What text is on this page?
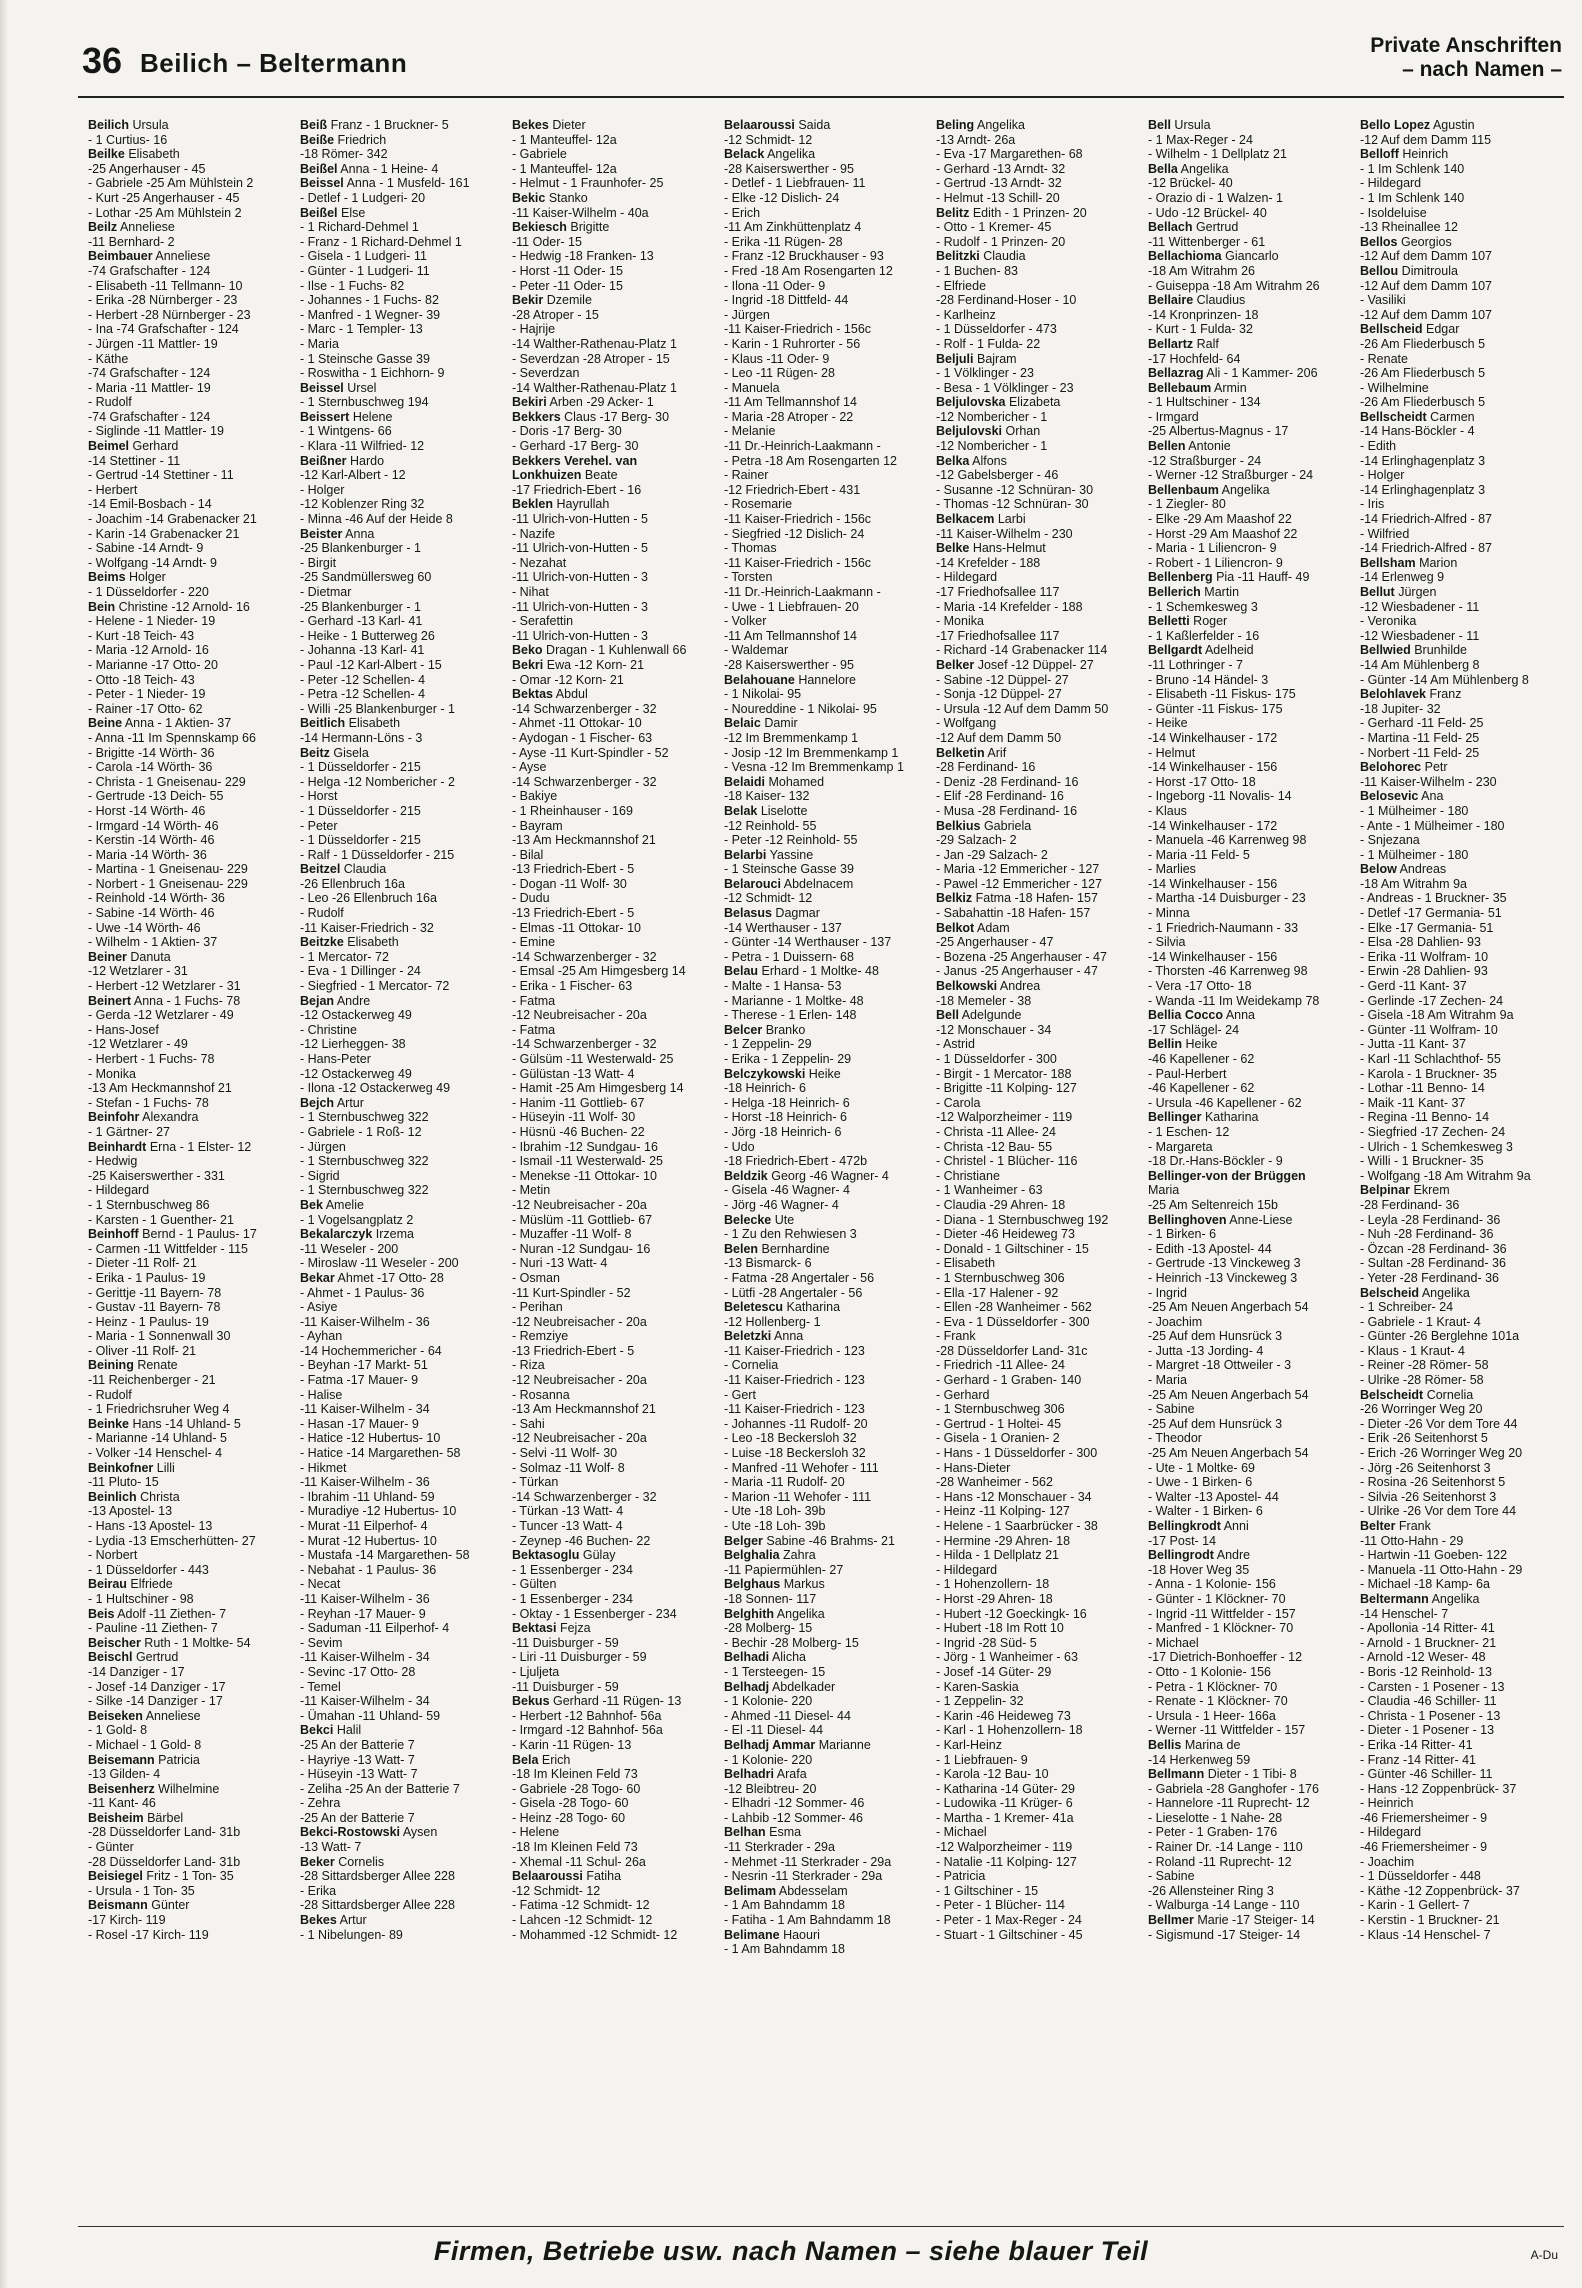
36 Beilich – Beltermann
Private Anschriften
– nach Namen –
Beilich Ursula
- 1 Curtius- 16
Beilke Elisabeth
-25 Angerhauser - 45
- Gabriele -25 Am Mühlstein 2
- Kurt -25 Angerhauser - 45
- Lothar -25 Am Mühlstein 2
Beilz Anneliese
-11 Bernhard- 2
Beimbauer Anneliese
-74 Grafschafter - 124
- Elisabeth -11 Tellmann- 10
- Erika -28 Nürnberger - 23
- Herbert -28 Nürnberger - 23
- Ina -74 Grafschafter - 124
- Jürgen -11 Mattler- 19
- Käthe
-74 Grafschafter - 124
- Maria -11 Mattler- 19
- Rudolf
-74 Grafschafter - 124
- Siglinde -11 Mattler- 19
Beimel Gerhard
-14 Stettiner - 11
- Gertrud -14 Stettiner - 11
- Herbert
-14 Emil-Bosbach - 14
- Joachim -14 Grabenacker 21
- Karin -14 Grabenacker 21
- Sabine -14 Arndt- 9
- Wolfgang -14 Arndt- 9
Beims Holger
- 1 Düsseldorfer - 220
Bein Christine -12 Arnold- 16
- Helene - 1 Nieder- 19
- Kurt -18 Teich- 43
- Maria -12 Arnold- 16
- Marianne -17 Otto- 20
- Otto -18 Teich- 43
- Peter - 1 Nieder- 19
- Rainer -17 Otto- 62
Beine Anna - 1 Aktien- 37
- Anna -11 Im Spennskamp 66
- Brigitte -14 Wörth- 36
- Carola -14 Wörth- 36
- Christa - 1 Gneisenau- 229
- Gertrude -13 Deich- 55
- Horst -14 Wörth- 46
- Irmgard -14 Wörth- 46
- Kerstin -14 Wörth- 46
- Maria -14 Wörth- 36
- Martina - 1 Gneisenau- 229
- Norbert - 1 Gneisenau- 229
- Reinhold -14 Wörth- 36
- Sabine -14 Wörth- 46
- Uwe -14 Wörth- 46
- Wilhelm - 1 Aktien- 37
Beiner Danuta
-12 Wetzlarer - 31
- Herbert -12 Wetzlarer - 31
Beinert Anna - 1 Fuchs- 78
- Gerda -12 Wetzlarer - 49
- Hans-Josef
-12 Wetzlarer - 49
- Herbert - 1 Fuchs- 78
- Monika
-13 Am Heckmannshof 21
- Stefan - 1 Fuchs- 78
Beinfohr Alexandra
- 1 Gärtner- 27
Beinhardt Erna - 1 Elster- 12
- Hedwig
-25 Kaiserswerther - 331
- Hildegard
- 1 Sternbuschweg 86
- Karsten - 1 Guenther- 21
Beinhoff Bernd - 1 Paulus- 17
- Carmen -11 Wittfelder - 115
- Dieter -11 Rolf- 21
- Erika - 1 Paulus- 19
- Gerittje -11 Bayern- 78
- Gustav -11 Bayern- 78
- Heinz - 1 Paulus- 19
- Maria - 1 Sonnenwall 30
- Oliver -11 Rolf- 21
Beining Renate
-11 Reichenberger - 21
- Rudolf
- 1 Friedrichsruher Weg 4
Beinke Hans -14 Uhland- 5
- Marianne -14 Uhland- 5
- Volker -14 Henschel- 4
Beinkofner Lilli
-11 Pluto- 15
Beinlich Christa
-13 Apostel- 13
- Hans -13 Apostel- 13
- Lydia -13 Emscherhütten- 27
- Norbert
- 1 Düsseldorfer - 443
Beirau Elfriede
- 1 Hultschiner - 98
Beis Adolf -11 Ziethen- 7
- Pauline -11 Ziethen- 7
Beischer Ruth - 1 Moltke- 54
Beischl Gertrud
-14 Danziger - 17
- Josef -14 Danziger - 17
- Silke -14 Danziger - 17
Beiseken Anneliese
- 1 Gold- 8
- Michael - 1 Gold- 8
Beisemann Patricia
-13 Gilden- 4
Beisenherz Wilhelmine
-11 Kant- 46
Beisheim Bärbel
-28 Düsseldorfer Land- 31b
- Günter
-28 Düsseldorfer Land- 31b
Beisiegel Fritz - 1 Ton- 35
- Ursula - 1 Ton- 35
Beismann Günter
-17 Kirch- 119
- Rosel -17 Kirch- 119
Beiß Franz - 1 Bruckner- 5
Beiße Friedrich
-18 Römer- 342
Beißel Anna - 1 Heine- 4
Beissel Anna - 1 Musfeld- 161
- Detlef - 1 Ludgeri- 20
Beißel Else
- 1 Richard-Dehmel 1
- Franz - 1 Richard-Dehmel 1
- Gisela - 1 Ludgeri- 11
- Günter - 1 Ludgeri- 11
- Ilse - 1 Fuchs- 82
- Johannes - 1 Fuchs- 82
- Manfred - 1 Wegner- 39
- Marc - 1 Templer- 13
- Maria
- 1 Steinsche Gasse 39
- Roswitha - 1 Eichhorn- 9
Beissel Ursel
- 1 Sternbuschweg 194
Beissert Helene
- 1 Wintgens- 66
- Klara -11 Wilfried- 12
Beißner Hardo
-12 Karl-Albert - 12
- Holger
-12 Koblenzer Ring 32
- Minna -46 Auf der Heide 8
Beister Anna
-25 Blankenburger - 1
- Birgit
-25 Sandmüllersweg 60
- Dietmar
-25 Blankenburger - 1
- Gerhard -13 Karl- 41
- Heike - 1 Butterweg 26
- Johanna -13 Karl- 41
- Paul -12 Karl-Albert - 15
- Peter -12 Schellen- 4
- Petra -12 Schellen- 4
- Willi -25 Blankenburger - 1
Beitlich Elisabeth
-14 Hermann-Löns - 3
Beitz Gisela
- 1 Düsseldorfer - 215
- Helga -12 Nombericher - 2
- Horst
- 1 Düsseldorfer - 215
- Peter
- 1 Düsseldorfer - 215
- Ralf - 1 Düsseldorfer - 215
Beitzel Claudia
-26 Ellenbruch 16a
- Leo -26 Ellenbruch 16a
- Rudolf
-11 Kaiser-Friedrich - 32
Beitzke Elisabeth
- 1 Mercator- 72
- Eva - 1 Dillinger - 24
- Siegfried - 1 Mercator- 72
Bejan Andre
-12 Ostackerweg 49
- Christine
-12 Lierheggen- 38
- Hans-Peter
-12 Ostackerweg 49
- Ilona -12 Ostackerweg 49
Bejch Artur
- 1 Sternbuschweg 322
- Gabriele - 1 Roß- 12
- Jürgen
- 1 Sternbuschweg 322
- Sigrid
- 1 Sternbuschweg 322
Bek Amelie
- 1 Vogelsangplatz 2
Bekalarczyk Irzema
-11 Weseler - 200
- Miroslaw -11 Weseler - 200
Bekar Ahmet -17 Otto- 28
- Ahmet - 1 Paulus- 36
- Asiye
-11 Kaiser-Wilhelm - 36
- Ayhan
-14 Hochemmericher - 64
- Beyhan -17 Markt- 51
- Fatma -17 Mauer- 9
- Halise
-11 Kaiser-Wilhelm - 34
- Hasan -17 Mauer- 9
- Hatice -12 Hubertus- 10
- Hatice -14 Margarethen- 58
- Hikmet
-11 Kaiser-Wilhelm - 36
- Ibrahim -11 Uhland- 59
- Muradiye -12 Hubertus- 10
- Murat -11 Eilperhof- 4
- Murat -12 Hubertus- 10
- Mustafa -14 Margarethen- 58
- Nebahat - 1 Paulus- 36
- Necat
-11 Kaiser-Wilhelm - 36
- Reyhan -17 Mauer- 9
- Saduman -11 Eilperhof- 4
- Sevim
-11 Kaiser-Wilhelm - 34
- Sevinc -17 Otto- 28
- Temel
-11 Kaiser-Wilhelm - 34
- Ümahan -11 Uhland- 59
Bekci Halil
-25 An der Batterie 7
- Hayriye -13 Watt- 7
- Hüseyin -13 Watt- 7
- Zeliha -25 An der Batterie 7
- Zehra
-25 An der Batterie 7
Bekci-Rostowski Aysen
-13 Watt- 7
Beker Cornelis
-28 Sittardsberger Allee 228
- Erika
-28 Sittardsberger Allee 228
Bekes Artur
- 1 Nibelungen- 89
Bekes Dieter
- 1 Manteuffel- 12a
- Gabriele
- 1 Manteuffel- 12a
- Helmut - 1 Fraunhofer- 25
Bekic Stanko
-11 Kaiser-Wilhelm - 40a
Bekiesch Brigitte
-11 Oder- 15
- Hedwig -18 Franken- 13
- Horst -11 Oder- 15
- Peter -11 Oder- 15
Bekir Dzemile
-28 Atroper - 15
- Hajrije
-14 Walther-Rathenau-Platz 1
- Severdzan -28 Atroper - 15
- Severdzan
-14 Walther-Rathenau-Platz 1
Bekiri Arben -29 Acker- 1
Bekkers Claus -17 Berg- 30
- Doris -17 Berg- 30
- Gerhard -17 Berg- 30
Bekkers Verehel. van
Lonkhuizen Beate
-17 Friedrich-Ebert - 16
Beklen Hayrullah
-11 Ulrich-von-Hutten - 5
- Nazife
-11 Ulrich-von-Hutten - 5
- Nezahat
-11 Ulrich-von-Hutten - 3
- Nihat
-11 Ulrich-von-Hutten - 3
- Serafettin
-11 Ulrich-von-Hutten - 3
Beko Dragan - 1 Kuhlenwall 66
Bekri Ewa -12 Korn- 21
- Omar -12 Korn- 21
Bektas Abdul
-14 Schwarzenberger - 32
- Ahmet -11 Ottokar- 10
- Aydogan - 1 Fischer- 63
- Ayse -11 Kurt-Spindler - 52
- Ayse
-14 Schwarzenberger - 32
- Bakiye
- 1 Rheinhauser - 169
- Bayram
-13 Am Heckmannshof 21
- Bilal
-13 Friedrich-Ebert - 5
- Dogan -11 Wolf- 30
- Dudu
-13 Friedrich-Ebert - 5
- Elmas -11 Ottokar- 10
- Emine
-14 Schwarzenberger - 32
- Emsal -25 Am Himgesberg 14
- Erika - 1 Fischer- 63
- Fatma
-12 Neubreisacher - 20a
- Fatma
-14 Schwarzenberger - 32
- Gülsüm -11 Westerwald- 25
- Gülüstan -13 Watt- 4
- Hamit -25 Am Himgesberg 14
- Hanim -11 Gottlieb- 67
- Hüseyin -11 Wolf- 30
- Hüsnü -46 Buchen- 22
- Ibrahim -12 Sundgau- 16
- Ismail -11 Westerwald- 25
- Menekse -11 Ottokar- 10
- Metin
-12 Neubreisacher - 20a
- Müslüm -11 Gottlieb- 67
- Muzaffer -11 Wolf- 8
- Nuran -12 Sundgau- 16
- Nuri -13 Watt- 4
- Osman
-11 Kurt-Spindler - 52
- Perihan
-12 Neubreisacher - 20a
- Remziye
-13 Friedrich-Ebert - 5
- Riza
-12 Neubreisacher - 20a
- Rosanna
-13 Am Heckmannshof 21
- Sahi
-12 Neubreisacher - 20a
- Selvi -11 Wolf- 30
- Solmaz -11 Wolf- 8
- Türkan
-14 Schwarzenberger - 32
- Türkan -13 Watt- 4
- Tuncer -13 Watt- 4
- Zeynep -46 Buchen- 22
Bektasoglu Gülay
- 1 Essenberger - 234
- Gülten
- 1 Essenberger - 234
- Oktay - 1 Essenberger - 234
Bektasi Fejza
-11 Duisburger - 59
- Liri -11 Duisburger - 59
- Ljuljeta
-11 Duisburger - 59
Bekus Gerhard -11 Rügen- 13
- Herbert -12 Bahnhof- 56a
- Irmgard -12 Bahnhof- 56a
- Karin -11 Rügen- 13
Bela Erich
-18 Im Kleinen Feld 73
- Gabriele -28 Togo- 60
- Gisela -28 Togo- 60
- Heinz -28 Togo- 60
- Helene
-18 Im Kleinen Feld 73
- Xhemal -11 Schul- 26a
Belaaroussi Fatiha
-12 Schmidt- 12
- Fatima -12 Schmidt- 12
- Lahcen -12 Schmidt- 12
- Mohammed -12 Schmidt- 12
Belaaroussi Saida
-12 Schmidt- 12
Belack Angelika
-28 Kaiserswerther - 95
- Detlef - 1 Liebfrauen- 11
- Elke -12 Dislich- 24
- Erich
-11 Am Zinkhüttenplatz 4
- Erika -11 Rügen- 28
- Franz -12 Bruckhauser - 93
- Fred -18 Am Rosengarten 12
- Ilona -11 Oder- 9
- Ingrid -18 Dittfeld- 44
- Jürgen
-11 Kaiser-Friedrich - 156c
- Karin - 1 Ruhrorter - 56
- Klaus -11 Oder- 9
- Leo -11 Rügen- 28
- Manuela
-11 Am Tellmannshof 14
- Maria -28 Atroper - 22
- Melanie
-11 Dr.-Heinrich-Laakmann -
- Petra -18 Am Rosengarten 12
- Rainer
-12 Friedrich-Ebert - 431
- Rosemarie
-11 Kaiser-Friedrich - 156c
- Siegfried -12 Dislich- 24
- Thomas
-11 Kaiser-Friedrich - 156c
- Torsten
-11 Dr.-Heinrich-Laakmann -
- Uwe - 1 Liebfrauen- 20
- Volker
-11 Am Tellmannshof 14
- Waldemar
-28 Kaiserswerther - 95
Belahouane Hannelore
- 1 Nikolai- 95
- Noureddine - 1 Nikolai- 95
Belaic Damir
-12 Im Bremmenkamp 1
- Josip -12 Im Bremmenkamp 1
- Vesna -12 Im Bremmenkamp 1
Belaidi Mohamed
-18 Kaiser- 132
Belak Liselotte
-12 Reinhold- 55
- Peter -12 Reinhold- 55
Belarbi Yassine
- 1 Steinsche Gasse 39
Belarouci Abdelnacem
-12 Schmidt- 12
Belasus Dagmar
-14 Werthauser - 137
- Günter -14 Werthauser - 137
- Petra - 1 Duissern- 68
Belau Erhard - 1 Moltke- 48
- Malte - 1 Hansa- 53
- Marianne - 1 Moltke- 48
- Therese - 1 Erlen- 148
Belcer Branko
- 1 Zeppelin- 29
- Erika - 1 Zeppelin- 29
Belczykowski Heike
-18 Heinrich- 6
- Helga -18 Heinrich- 6
- Horst -18 Heinrich- 6
- Jörg -18 Heinrich- 6
- Udo
-18 Friedrich-Ebert - 472b
Beldzik Georg -46 Wagner- 4
- Gisela -46 Wagner- 4
- Jörg -46 Wagner- 4
Belecke Ute
- 1 Zu den Rehwiesen 3
Belen Bernhardine
-13 Bismarck- 6
- Fatma -28 Angertaler - 56
- Lütfi -28 Angertaler - 56
Beletescu Katharina
-12 Hollenberg- 1
Beletzki Anna
-11 Kaiser-Friedrich - 123
- Cornelia
-11 Kaiser-Friedrich - 123
- Gert
-11 Kaiser-Friedrich - 123
- Johannes -11 Rudolf- 20
- Leo -18 Beckersloh 32
- Luise -18 Beckersloh 32
- Manfred -11 Wehofer - 111
- Maria -11 Rudolf- 20
- Marion -11 Wehofer - 111
- Ute -18 Loh- 39b
- Ute -18 Loh- 39b
Belger Sabine -46 Brahms- 21
Belghalia Zahra
-11 Papiermühlen- 27
Belghaus Markus
-18 Sonnen- 117
Belghith Angelika
-28 Molberg- 15
- Bechir -28 Molberg- 15
Belhadi Alicha
- 1 Tersteegen- 15
Belhadj Abdelkader
- 1 Kolonie- 220
- Ahmed -11 Diesel- 44
- El -11 Diesel- 44
Belhadj Ammar Marianne
- 1 Kolonie- 220
Belhadri Arafa
-12 Bleibtreu- 20
- Elhadri -12 Sommer- 46
- Lahbib -12 Sommer- 46
Belhan Esma
-11 Sterkrader - 29a
- Mehmet -11 Sterkrader - 29a
- Nesrin -11 Sterkrader - 29a
Belimam Abdesselam
- 1 Am Bahndamm 18
- Fatiha - 1 Am Bahndamm 18
Belimane Haouri
- 1 Am Bahndamm 18
Beling Angelika
-13 Arndt- 26a
- Eva -17 Margarethen- 68
- Gerhard -13 Arndt- 32
- Gertrud -13 Arndt- 32
- Helmut -13 Schill- 20
Belitz Edith - 1 Prinzen- 20
- Otto - 1 Kremer- 45
- Rudolf - 1 Prinzen- 20
Belitzki Claudia
- 1 Buchen- 83
- Elfriede
-28 Ferdinand-Hoser - 10
- Karlheinz
- 1 Düsseldorfer - 473
- Rolf - 1 Fulda- 22
Beljuli Bajram
- 1 Völklinger - 23
- Besa - 1 Völklinger - 23
Beljulovska Elizabeta
-12 Nombericher - 1
Beljulovski Orhan
-12 Nombericher - 1
Belka Alfons
-12 Gabelsberger - 46
- Susanne -12 Schnüran- 30
- Thomas -12 Schnüran- 30
Belkacem Larbi
-11 Kaiser-Wilhelm - 230
Belke Hans-Helmut
-14 Krefelder - 188
- Hildegard
-17 Friedhofsallee 117
- Maria -14 Krefelder - 188
- Monika
-17 Friedhofsallee 117
- Richard -14 Grabenacker 114
Belker Josef -12 Düppel- 27
- Sabine -12 Düppel- 27
- Sonja -12 Düppel- 27
- Ursula -12 Auf dem Damm 50
- Wolfgang
-12 Auf dem Damm 50
Belketin Arif
-28 Ferdinand- 16
- Deniz -28 Ferdinand- 16
- Elif -28 Ferdinand- 16
- Musa -28 Ferdinand- 16
Belkius Gabriela
-29 Salzach- 2
- Jan -29 Salzach- 2
- Maria -12 Emmericher - 127
- Pawel -12 Emmericher - 127
Belkiz Fatma -18 Hafen- 157
- Sabahattin -18 Hafen- 157
Belkot Adam
-25 Angerhauser - 47
- Bozena -25 Angerhauser - 47
- Janus -25 Angerhauser - 47
Belkowski Andrea
-18 Memeler - 38
Bell Adelgunde
-12 Monschauer - 34
- Astrid
- 1 Düsseldorfer - 300
- Birgit - 1 Mercator- 188
- Brigitte -11 Kolping- 127
- Carola
-12 Walporzheimer - 119
- Christa -11 Allee- 24
- Christa -12 Bau- 55
- Christel - 1 Blücher- 116
- Christiane
- 1 Wanheimer - 63
- Claudia -29 Ahren- 18
- Diana - 1 Sternbuschweg 192
- Dieter -46 Heideweg 73
- Donald - 1 Giltschiner - 15
- Elisabeth
- 1 Sternbuschweg 306
- Ella -17 Halener - 92
- Ellen -28 Wanheimer - 562
- Eva - 1 Düsseldorfer - 300
- Frank
-28 Düsseldorfer Land- 31c
- Friedrich -11 Allee- 24
- Gerhard - 1 Graben- 140
- Gerhard
- 1 Sternbuschweg 306
- Gertrud - 1 Holtei- 45
- Gisela - 1 Oranien- 2
- Hans - 1 Düsseldorfer - 300
- Hans-Dieter
-28 Wanheimer - 562
- Hans -12 Monschauer - 34
- Heinz -11 Kolping- 127
- Helene - 1 Saarbrücker - 38
- Hermine -29 Ahren- 18
- Hilda - 1 Dellplatz 21
- Hildegard
- 1 Hohenzollern- 18
- Horst -29 Ahren- 18
- Hubert -12 Goeckingk- 16
- Hubert -18 Im Rott 10
- Ingrid -28 Süd- 5
- Jörg - 1 Wanheimer - 63
- Josef -14 Güter- 29
- Karen-Saskia
- 1 Zeppelin- 32
- Karin -46 Heideweg 73
- Karl - 1 Hohenzollern- 18
- Karl-Heinz
- 1 Liebfrauen- 9
- Karola -12 Bau- 10
- Katharina -14 Güter- 29
- Ludowika -11 Krüger- 6
- Martha - 1 Kremer- 41a
- Michael
-12 Walporzheimer - 119
- Natalie -11 Kolping- 127
- Patricia
- 1 Giltschiner - 15
- Peter - 1 Blücher- 114
- Peter - 1 Max-Reger - 24
- Stuart - 1 Giltschiner - 45
Bell Ursula
- 1 Max-Reger - 24
- Wilhelm - 1 Dellplatz 21
Bella Angelika
-12 Brückel- 40
- Orazio di - 1 Walzen- 1
- Udo -12 Brückel- 40
Bellach Gertrud
-11 Wittenberger - 61
Bellachioma Giancarlo
-18 Am Witrahm 26
- Guiseppa -18 Am Witrahm 26
Bellaire Claudius
-14 Kronprinzen- 18
- Kurt - 1 Fulda- 32
Bellartz Ralf
-17 Hochfeld- 64
Bellazrag Ali - 1 Kammer- 206
Bellebaum Armin
- 1 Hultschiner - 134
- Irmgard
-25 Albertus-Magnus - 17
Bellen Antonie
-12 Straßburger - 24
- Werner -12 Straßburger - 24
Bellenbaum Angelika
- 1 Ziegler- 80
- Elke -29 Am Maashof 22
- Horst -29 Am Maashof 22
- Maria - 1 Liliencron- 9
- Robert - 1 Liliencron- 9
Bellenberg Pia -11 Hauff- 49
Bellerich Martin
- 1 Schemkesweg 3
Belletti Roger
- 1 Kaßlerfelder - 16
Bellgardt Adelheid
-11 Lothringer - 7
- Bruno -14 Händel- 3
- Elisabeth -11 Fiskus- 175
- Günter -11 Fiskus- 175
- Heike
-14 Winkelhauser - 172
- Helmut
-14 Winkelhauser - 156
- Horst -17 Otto- 18
- Ingeborg -11 Novalis- 14
- Klaus
-14 Winkelhauser - 172
- Manuela -46 Karrenweg 98
- Maria -11 Feld- 5
- Marlies
-14 Winkelhauser - 156
- Martha -14 Duisburger - 23
- Minna
- 1 Friedrich-Naumann - 33
- Silvia
-14 Winkelhauser - 156
- Thorsten -46 Karrenweg 98
- Vera -17 Otto- 18
- Wanda -11 Im Weidekamp 78
Bellia Cocco Anna
-17 Schlägel- 24
Bellin Heike
-46 Kapellener - 62
- Paul-Herbert
-46 Kapellener - 62
- Ursula -46 Kapellener - 62
Bellinger Katharina
- 1 Eschen- 12
- Margareta
-18 Dr.-Hans-Böckler - 9
Bellinger-von der Brüggen
Maria
-25 Am Seltenreich 15b
Bellinghoven Anne-Liese
- 1 Birken- 6
- Edith -13 Apostel- 44
- Gertrude -13 Vinckeweg 3
- Heinrich -13 Vinckeweg 3
- Ingrid
-25 Am Neuen Angerbach 54
- Joachim
-25 Auf dem Hunsrück 3
- Jutta -13 Jording- 4
- Margret -18 Ottweiler - 3
- Maria
-25 Am Neuen Angerbach 54
- Sabine
-25 Auf dem Hunsrück 3
- Theodor
-25 Am Neuen Angerbach 54
- Ute - 1 Moltke- 69
- Uwe - 1 Birken- 6
- Walter -13 Apostel- 44
- Walter - 1 Birken- 6
Bellingkrodt Anni
-17 Post- 14
Bellingrodt Andre
-18 Hover Weg 35
- Anna - 1 Kolonie- 156
- Günter - 1 Klöckner- 70
- Ingrid -11 Wittfelder - 157
- Manfred - 1 Klöckner- 70
- Michael
-17 Dietrich-Bonhoeffer - 12
- Otto - 1 Kolonie- 156
- Petra - 1 Klöckner- 70
- Renate - 1 Klöckner- 70
- Ursula - 1 Heer- 166a
- Werner -11 Wittfelder - 157
Bellis Marina de
-14 Herkenweg 59
Bellmann Dieter - 1 Tibi- 8
- Gabriela -28 Ganghofer - 176
- Hannelore -11 Ruprecht- 12
- Lieselotte - 1 Nahe- 28
- Peter - 1 Graben- 176
- Rainer Dr. -14 Lange - 110
- Roland -11 Ruprecht- 12
- Sabine
-26 Allensteiner Ring 3
- Walburga -14 Lange - 110
Bellmer Marie -17 Steiger- 14
- Sigismund -17 Steiger- 14
Bello Lopez Agustin
-12 Auf dem Damm 115
Belloff Heinrich
- 1 Im Schlenk 140
- Hildegard
- 1 Im Schlenk 140
- Isoldeluise
-13 Rheinallee 12
Bellos Georgios
-12 Auf dem Damm 107
Bellou Dimitroula
-12 Auf dem Damm 107
- Vasiliki
-12 Auf dem Damm 107
Bellscheid Edgar
-26 Am Fliederbusch 5
- Renate
-26 Am Fliederbusch 5
- Wilhelmine
-26 Am Fliederbusch 5
Bellscheidt Carmen
-14 Hans-Böckler - 4
- Edith
-14 Erlinghagenplatz 3
- Holger
-14 Erlinghagenplatz 3
- Iris
-14 Friedrich-Alfred - 87
- Wilfried
-14 Friedrich-Alfred - 87
Bellsham Marion
-14 Erlenweg 9
Bellut Jürgen
-12 Wiesbadener - 11
- Veronika
-12 Wiesbadener - 11
Bellwied Brunhilde
-14 Am Mühlenberg 8
- Günter -14 Am Mühlenberg 8
Belohlavek Franz
-18 Jupiter- 32
- Gerhard -11 Feld- 25
- Martina -11 Feld- 25
- Norbert -11 Feld- 25
Belohorec Petr
-11 Kaiser-Wilhelm - 230
Belosevic Ana
- 1 Mülheimer - 180
- Ante - 1 Mülheimer - 180
- Snjezana
- 1 Mülheimer - 180
Below Andreas
-18 Am Witrahm 9a
- Andreas - 1 Bruckner- 35
- Detlef -17 Germania- 51
- Elke -17 Germania- 51
- Elsa -28 Dahlien- 93
- Erika -11 Wolfram- 10
- Erwin -28 Dahlien- 93
- Gerd -11 Kant- 37
- Gerlinde -17 Zechen- 24
- Gisela -18 Am Witrahm 9a
- Günter -11 Wolfram- 10
- Jutta -11 Kant- 37
- Karl -11 Schlachthof- 55
- Karola - 1 Bruckner- 35
- Lothar -11 Benno- 14
- Maik -11 Kant- 37
- Regina -11 Benno- 14
- Siegfried -17 Zechen- 24
- Ulrich - 1 Schemkesweg 3
- Willi - 1 Bruckner- 35
- Wolfgang -18 Am Witrahm 9a
Belpinar Ekrem
-28 Ferdinand- 36
- Leyla -28 Ferdinand- 36
- Nuh -28 Ferdinand- 36
- Özcan -28 Ferdinand- 36
- Sultan -28 Ferdinand- 36
- Yeter -28 Ferdinand- 36
Belscheid Angelika
- 1 Schreiber- 24
- Gabriele - 1 Kraut- 4
- Günter -26 Berglehne 101a
- Klaus - 1 Kraut- 4
- Reiner -28 Römer- 58
- Ulrike -28 Römer- 58
Belscheidt Cornelia
-26 Worringer Weg 20
- Dieter -26 Vor dem Tore 44
- Erik -26 Seitenhorst 5
- Erich -26 Worringer Weg 20
- Jörg -26 Seitenhorst 3
- Rosina -26 Seitenhorst 5
- Silvia -26 Seitenhorst 3
- Ulrike -26 Vor dem Tore 44
Belter Frank
-11 Otto-Hahn - 29
- Hartwin -11 Goeben- 122
- Manuela -11 Otto-Hahn - 29
- Michael -18 Kamp- 6a
Beltermann Angelika
-14 Henschel- 7
- Apollonia -14 Ritter- 41
- Arnold - 1 Bruckner- 21
- Arnold -12 Weser- 48
- Boris -12 Reinhold- 13
- Carsten - 1 Posener - 13
- Claudia -46 Schiller- 11
- Christa - 1 Posener - 13
- Dieter - 1 Posener - 13
- Erika -14 Ritter- 41
- Franz -14 Ritter- 41
- Günter -46 Schiller- 11
- Hans -12 Zoppenbrück- 37
- Heinrich
-46 Friemersheimer - 9
- Hildegard
-46 Friemersheimer - 9
- Joachim
- 1 Düsseldorfer - 448
- Käthe -12 Zoppenbrück- 37
- Karin - 1 Gellert- 7
- Kerstin - 1 Bruckner- 21
- Klaus -14 Henschel- 7
Firmen, Betriebe usw. nach Namen – siehe blauer Teil	A-Du
